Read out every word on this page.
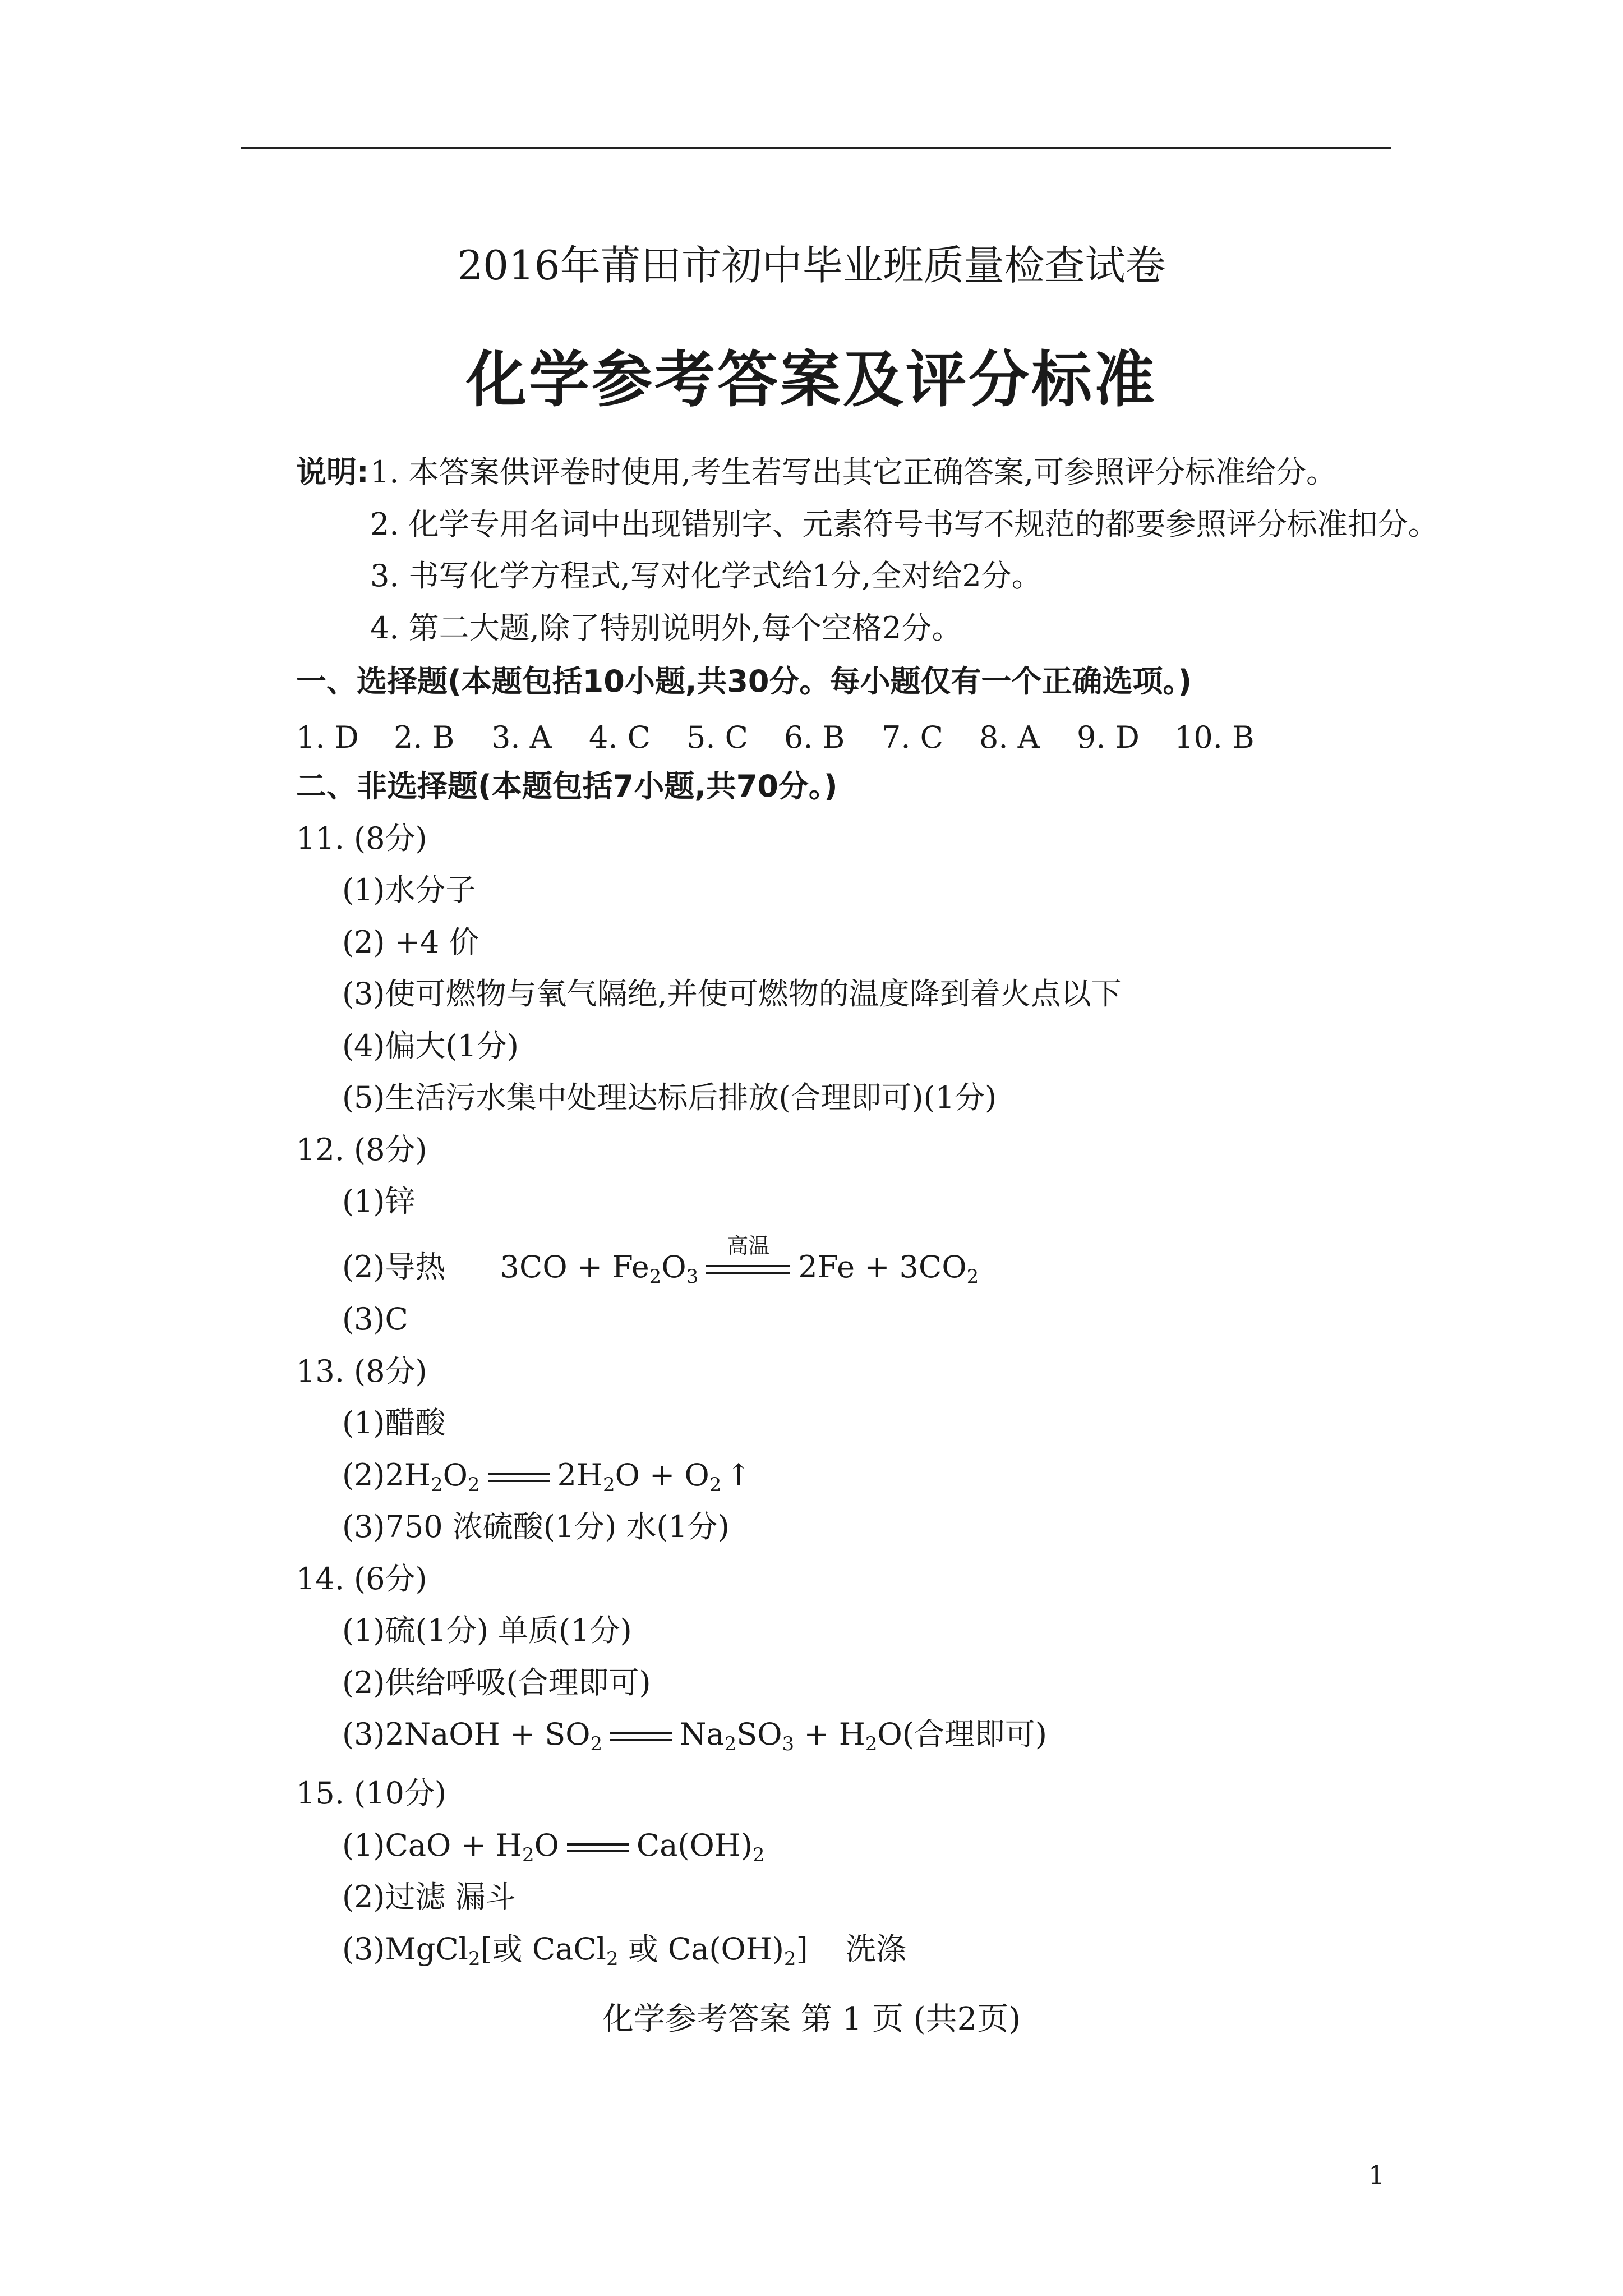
2016年莆田市初中毕业班质量检查试卷
化学参考答案及评分标准
说明: 1. 本答案供评卷时使用,考生若写出其它正确答案,可参照评分标准给分。
2. 化学专用名词中出现错别字、元素符号书写不规范的都要参照评分标准扣分。
3. 书写化学方程式,写对化学式给1分,全对给2分。
4. 第二大题,除了特别说明外,每个空格2分。
一、选择题(本题包括10小题,共30分。每小题仅有一个正确选项。)
1. D 2. B 3. A 4. C 5. C 6. B 7. C 8. A 9. D 10. B
二、非选择题(本题包括7小题,共70分。)
11. (8分)
(1)水分子
(2) +4 价
(3)使可燃物与氧气隔绝,并使可燃物的温度降到着火点以下
(4)偏大(1分)
(5)生活污水集中处理达标后排放(合理即可)(1分)
12. (8分)
(1)锌
(2)导热 $3CO + Fe_2O_3$
高温
$2Fe + 3CO_2$
(3)C
13. (8分)
(1)醋酸
$(2)2H_2O_2$	$2H_2O + O_2$ ↑
(3)750 浓硫酸(1分) 水(1分)
14. (6分)
(1)硫(1分) 单质(1分)
(2)供给呼吸(合理即可)
(3)2NaOH + $SO_2$	$Na_2SO_3 + H_2O$(合理即可)
15. (10分)
$(1)CaO + H_2O$	$Ca(OH)_2$
(2)过滤 漏斗
(3)MgCl$_2$[或 CaCl$_2$ 或 $Ca(OH)_2$] 洗涤
化学参考答案 第 1 页 (共2页)
1
